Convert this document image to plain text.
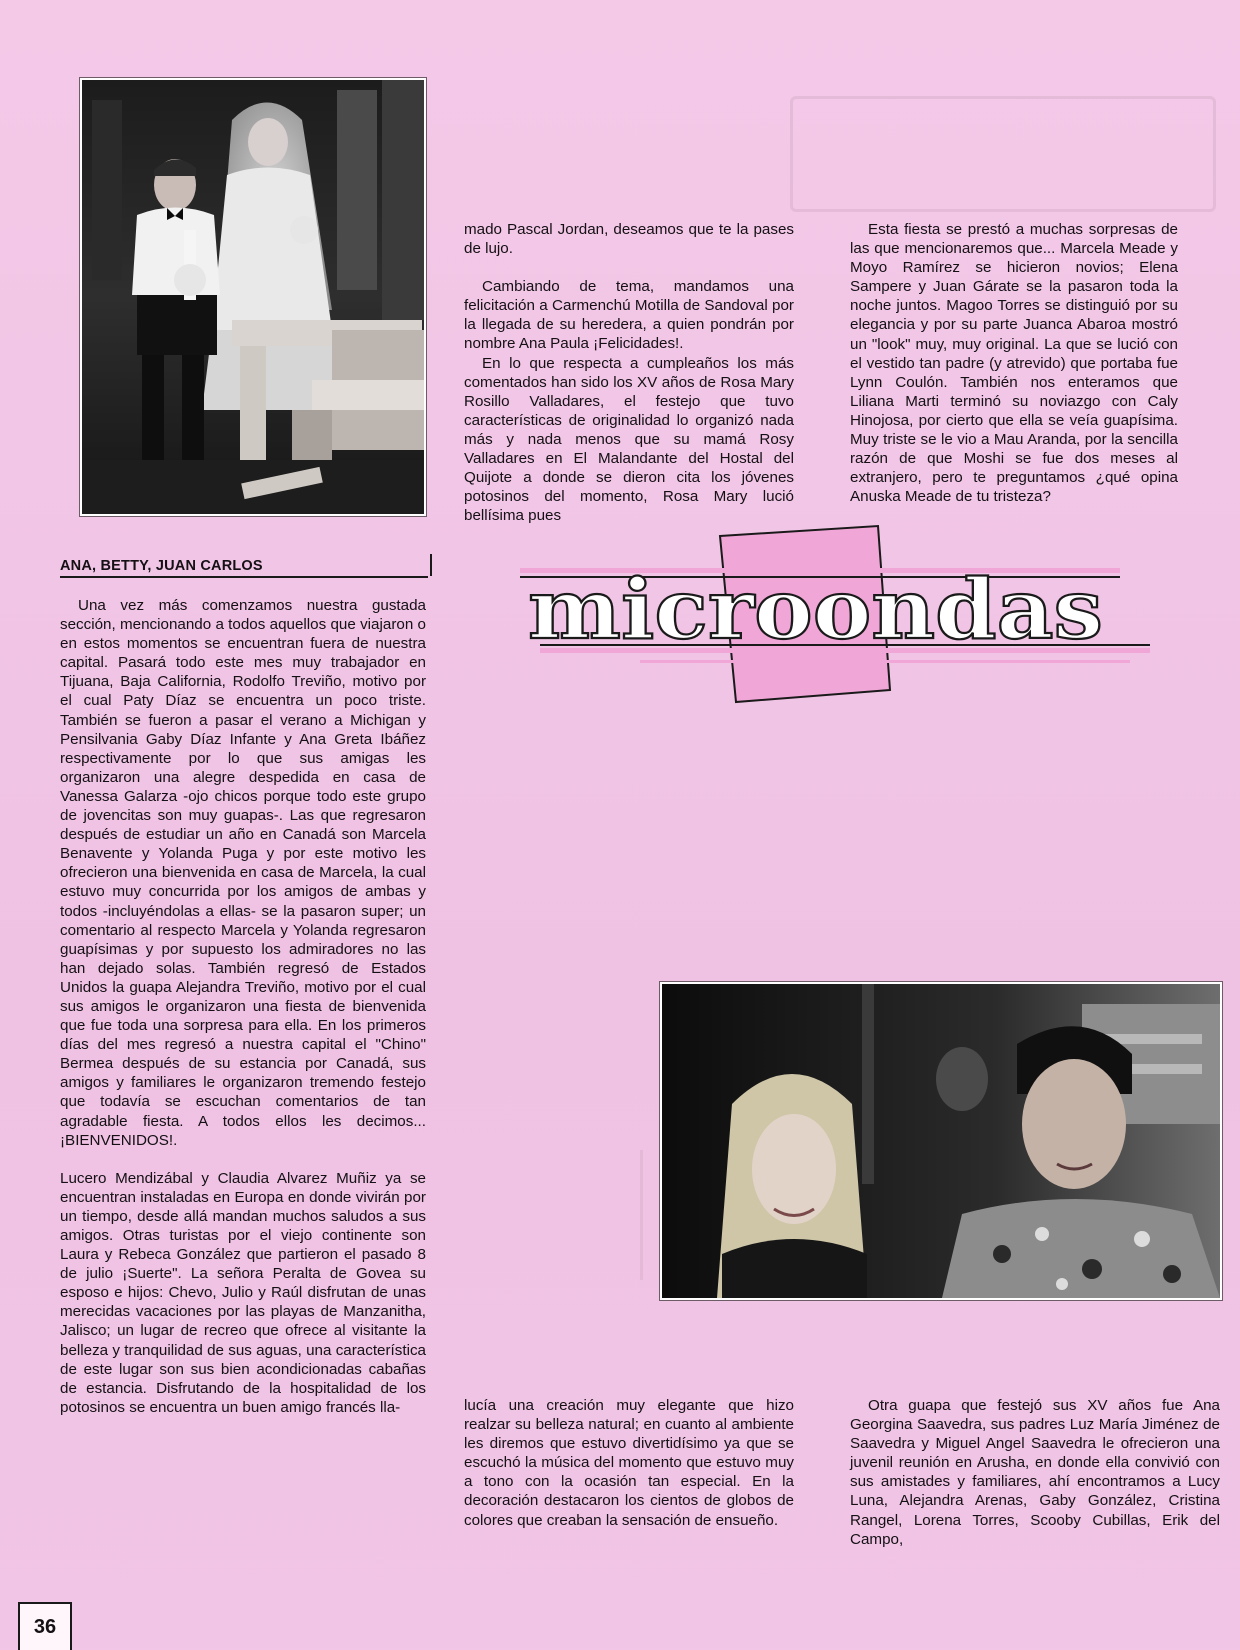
mado Pascal Jordan, deseamos que te la pases de lujo.

Cambiando de tema, mandamos una felicitación a Carmenchú Motilla de Sandoval por la llegada de su heredera, a quien pondrán por nombre Ana Paula ¡Felicidades!.

En lo que respecta a cumpleaños los más comentados han sido los XV años de Rosa Mary Rosillo Valladares, el festejo que tuvo características de originalidad lo organizó nada más y nada menos que su mamá Rosy Valladares en El Malandante del Hostal del Quijote a donde se dieron cita los jóvenes potosinos del momento, Rosa Mary lució bellísima pues

Esta fiesta se prestó a muchas sorpresas de las que mencionaremos que... Marcela Meade y Moyo Ramírez se hicieron novios; Elena Sampere y Juan Gárate se la pasaron toda la noche juntos. Magoo Torres se distinguió por su elegancia y por su parte Juanca Abaroa mostró un "look" muy, muy original. La que se lució con el vestido tan padre (y atrevido) que portaba fue Lynn Coulón. También nos enteramos que Liliana Marti terminó su noviazgo con Caly Hinojosa, por cierto que ella se veía guapísima. Muy triste se le vio a Mau Aranda, por la sencilla razón de que Moshi se fue dos meses al extranjero, pero te preguntamos ¿qué opina Anuska Meade de tu tristeza?

ANA, BETTY, JUAN CARLOS

Una vez más comenzamos nuestra gustada sección, mencionando a todos aquellos que viajaron o en estos momentos se encuentran fuera de nuestra capital. Pasará todo este mes muy trabajador en Tijuana, Baja California, Rodolfo Treviño, motivo por el cual Paty Díaz se encuentra un poco triste. También se fueron a pasar el verano a Michigan y Pensilvania Gaby Díaz Infante y Ana Greta Ibáñez respectivamente por lo que sus amigas les organizaron una alegre despedida en casa de Vanessa Galarza -ojo chicos porque todo este grupo de jovencitas son muy guapas-. Las que regresaron después de estudiar un año en Canadá son Marcela Benavente y Yolanda Puga y por este motivo les ofrecieron una bienvenida en casa de Marcela, la cual estuvo muy concurrida por los amigos de ambas y todos -incluyéndolas a ellas- se la pasaron super; un comentario al respecto Marcela y Yolanda regresaron guapísimas y por supuesto los admiradores no las han dejado solas. También regresó de Estados Unidos la guapa Alejandra Treviño, motivo por el cual sus amigos le organizaron una fiesta de bienvenida que fue toda una sorpresa para ella. En los primeros días del mes regresó a nuestra capital el "Chino" Bermea después de su estancia por Canadá, sus amigos y familiares le organizaron tremendo festejo que todavía se escuchan comentarios de tan agradable fiesta. A todos ellos les decimos... ¡BIENVENIDOS!.

Lucero Mendizábal y Claudia Alvarez Muñiz ya se encuentran instaladas en Europa en donde vivirán por un tiempo, desde allá mandan muchos saludos a sus amigos. Otras turistas por el viejo continente son Laura y Rebeca González que partieron el pasado 8 de julio ¡Suerte". La señora Peralta de Govea su esposo e hijos: Chevo, Julio y Raúl disfrutan de unas merecidas vacaciones por las playas de Manzanitha, Jalisco; un lugar de recreo que ofrece al visitante la belleza y tranquilidad de sus aguas, una característica de este lugar son sus bien acondicionadas cabañas de estancia. Disfrutando de la hospitalidad de los potosinos se encuentra un buen amigo francés lla-

microondas

lucía una creación muy elegante que hizo realzar su belleza natural; en cuanto al ambiente les diremos que estuvo divertidísimo ya que se escuchó la música del momento que estuvo muy a tono con la ocasión tan especial. En la decoración destacaron los cientos de globos de colores que creaban la sensación de ensueño.

Otra guapa que festejó sus XV años fue Ana Georgina Saavedra, sus padres Luz María Jiménez de Saavedra y Miguel Angel Saavedra le ofrecieron una juvenil reunión en Arusha, en donde ella convivió con sus amistades y familiares, ahí encontramos a Lucy Luna, Alejandra Arenas, Gaby González, Cristina Rangel, Lorena Torres, Scooby Cubillas, Erik del Campo,

36
